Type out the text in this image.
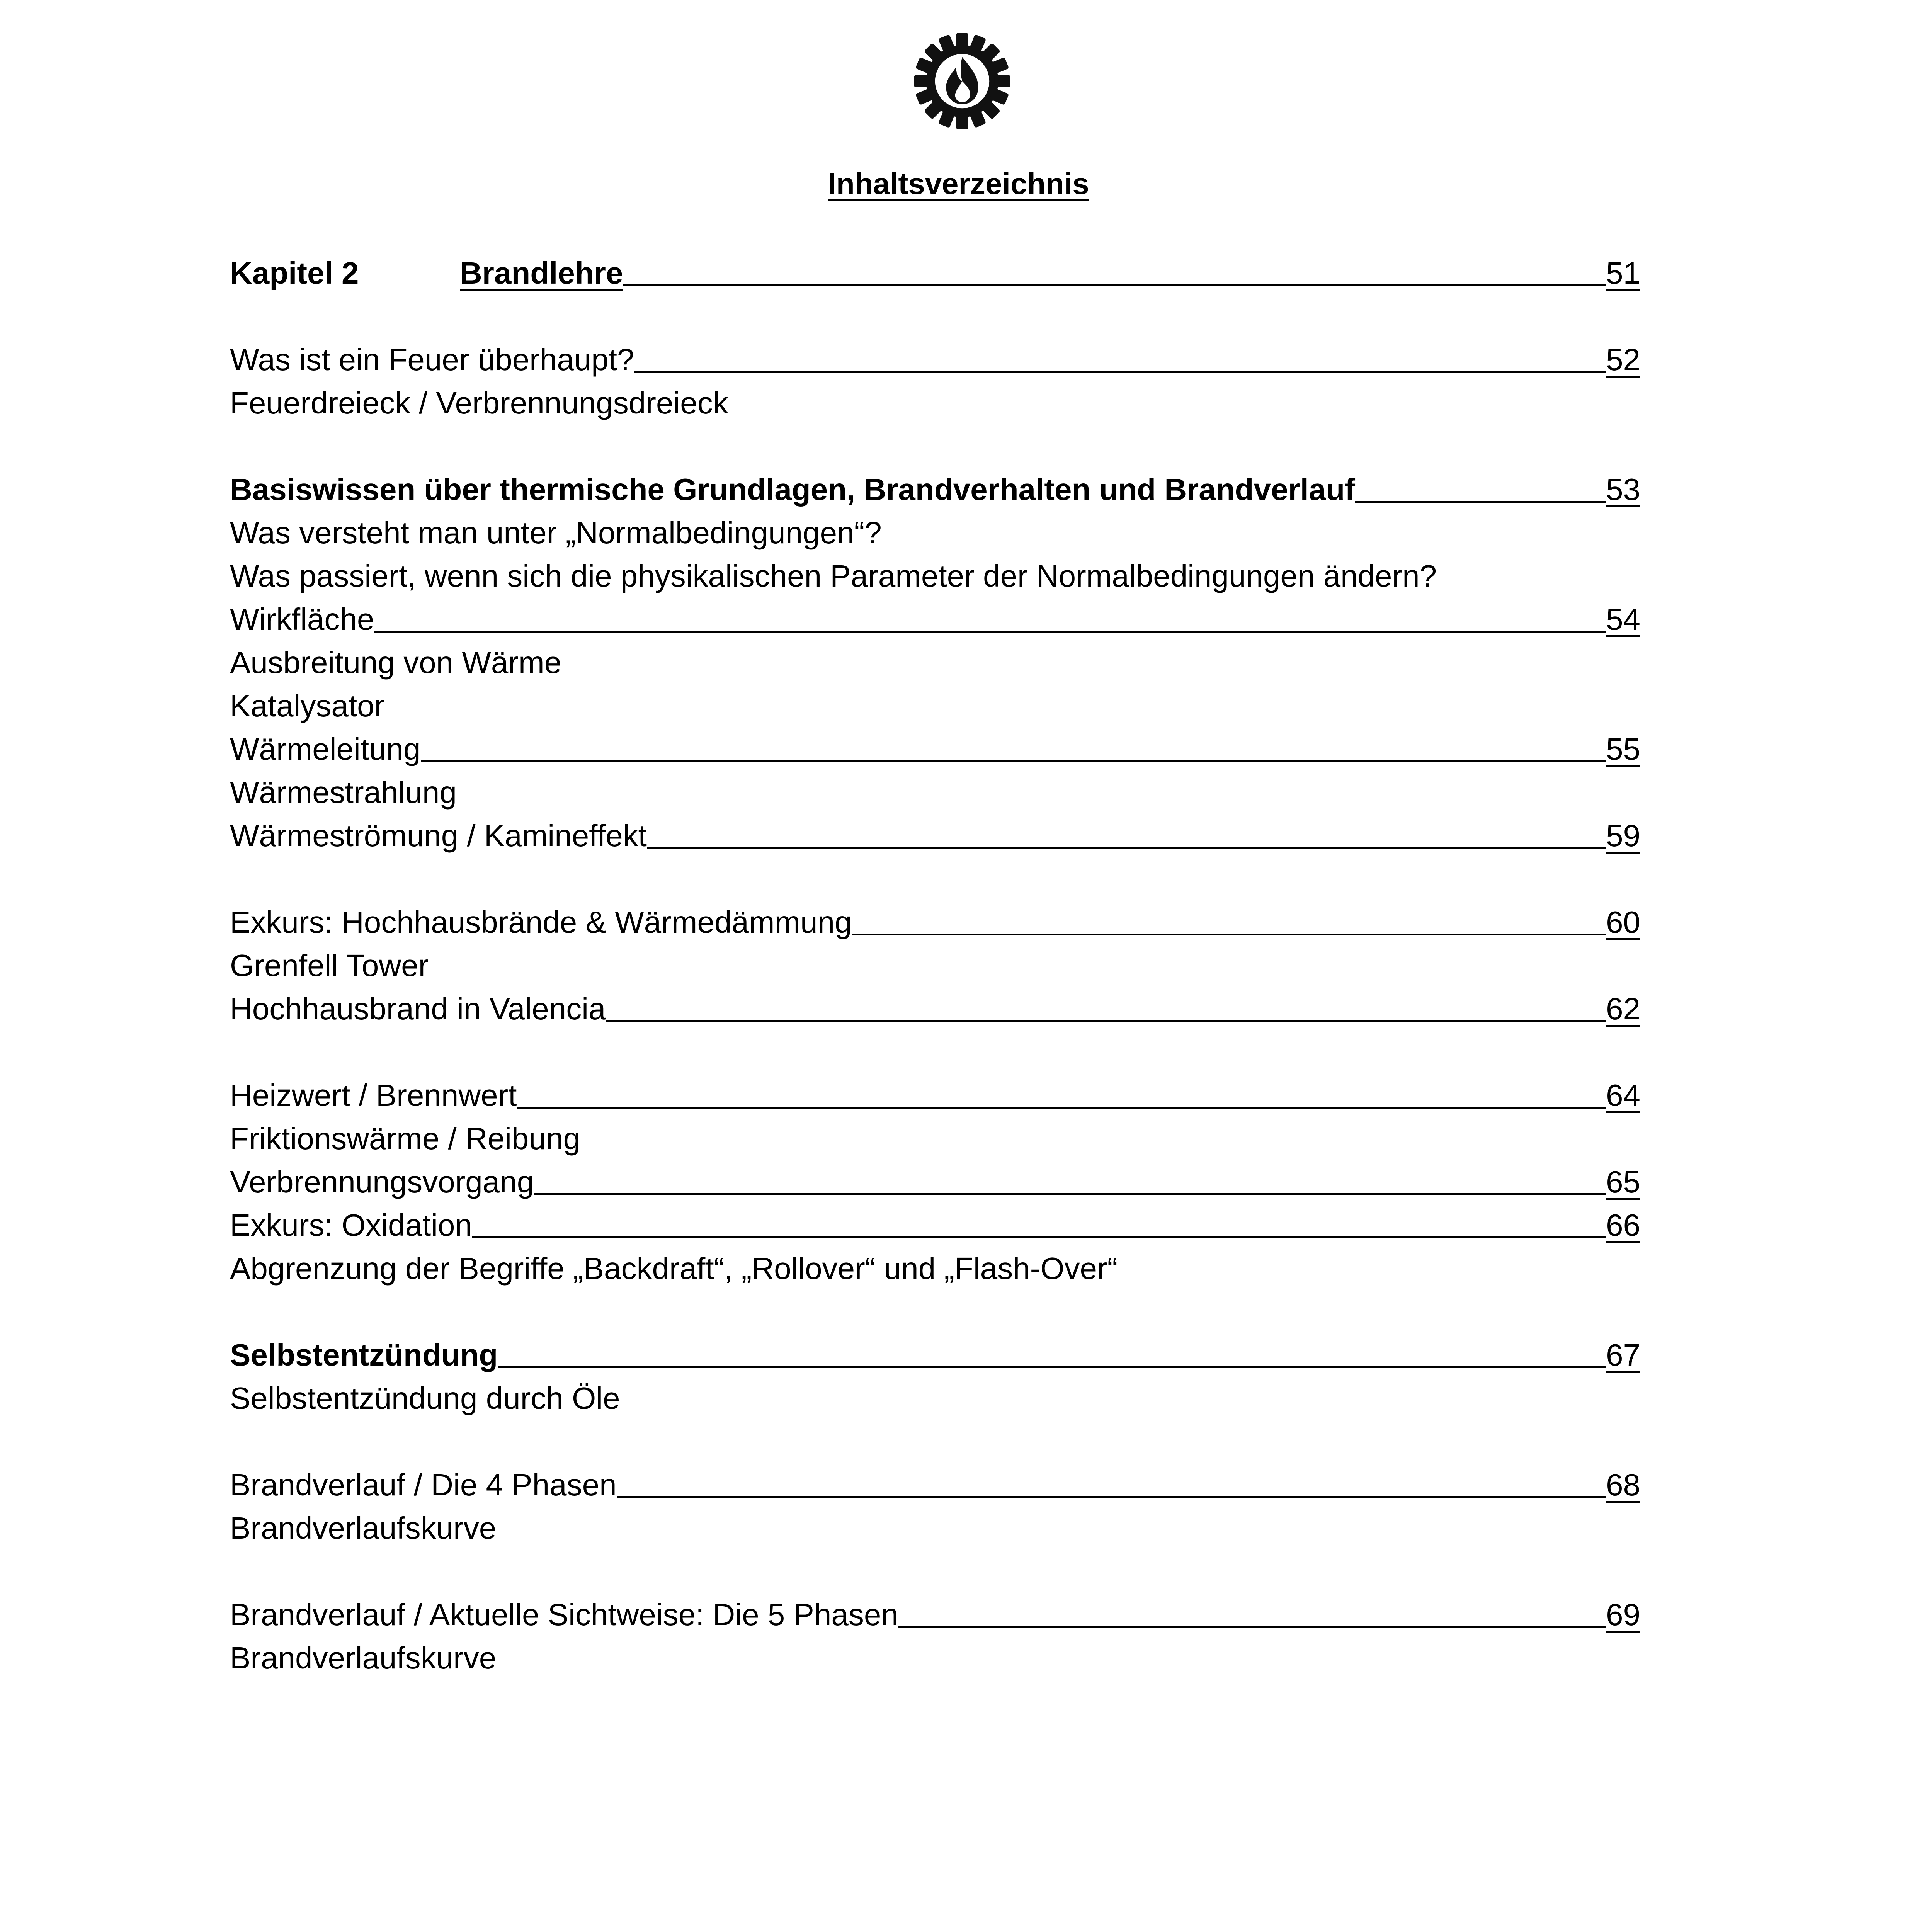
Inhaltsverzeichnis
Kapitel 2	Brandlehre	51
Was ist ein Feuer überhaupt?	52
Feuerdreieck / Verbrennungsdreieck
Basiswissen über thermische Grundlagen, Brandverhalten und Brandverlauf	53
Was versteht man unter „Normalbedingungen“?
Was passiert, wenn sich die physikalischen Parameter der Normalbedingungen ändern?
Wirkfläche	54
Ausbreitung von Wärme
Katalysator
Wärmeleitung	55
Wärmestrahlung
Wärmeströmung / Kamineffekt	59
Exkurs: Hochhausbrände & Wärmedämmung	60
Grenfell Tower
Hochhausbrand in Valencia	62
Heizwert / Brennwert	64
Friktionswärme / Reibung
Verbrennungsvorgang	65
Exkurs: Oxidation	66
Abgrenzung der Begriffe „Backdraft“, „Rollover“ und „Flash-Over“
Selbstentzündung	67
Selbstentzündung durch Öle
Brandverlauf / Die 4 Phasen	68
Brandverlaufskurve
Brandverlauf / Aktuelle Sichtweise: Die 5 Phasen	69
Brandverlaufskurve
